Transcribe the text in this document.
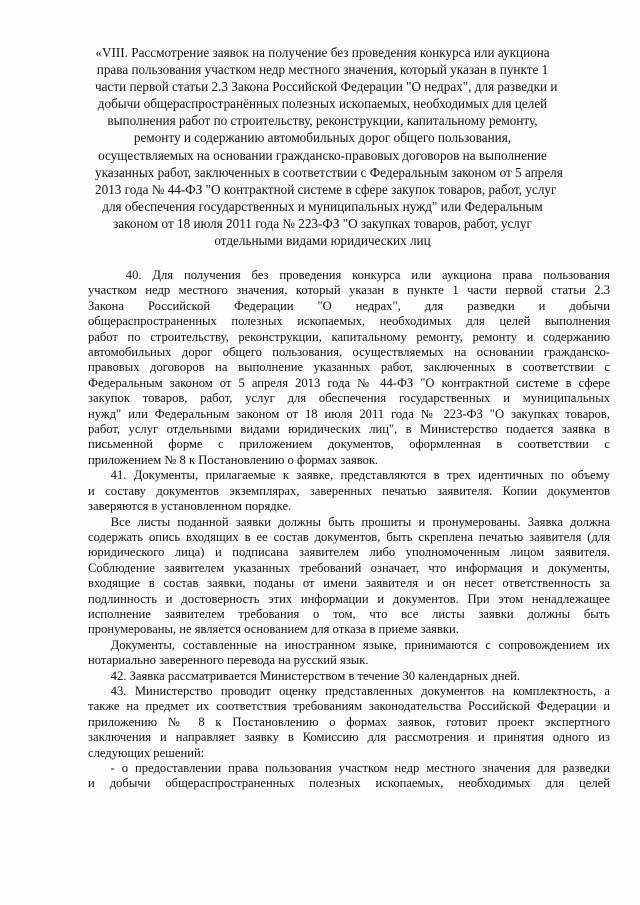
«VIII. Рассмотрение заявок на получение без проведения конкурса или аукциона
права пользования участком недр местного значения, который указан в пункте 1
части первой статьи 2.3 Закона Российской Федерации "О недрах", для разведки и
добычи общераспространённых полезных ископаемых, необходимых для целей
выполнения работ по строительству, реконструкции, капитальному ремонту,
ремонту и содержанию автомобильных дорог общего пользования,
осуществляемых на основании гражданско-правовых договоров на выполнение
указанных работ, заключенных в соответствии с Федеральным законом от 5 апреля
2013 года № 44-ФЗ "О контрактной системе в сфере закупок товаров, работ, услуг
для обеспечения государственных и муниципальных нужд" или Федеральным
законом от 18 июля 2011 года № 223-ФЗ "О закупках товаров, работ, услуг
отдельными видами юридических лиц
40. Для получения без проведения конкурса или аукциона права пользования
участком недр местного значения, который указан в пункте 1 части первой статьи 2.3
Закона Российской Федерации "О недрах", для разведки и добычи
общераспространенных полезных ископаемых, необходимых для целей выполнения
работ по строительству, реконструкции, капитальному ремонту, ремонту и содержанию
автомобильных дорог общего пользования, осуществляемых на основании гражданско-
правовых договоров на выполнение указанных работ, заключенных в соответствии с
Федеральным законом от 5 апреля 2013 года № 44-ФЗ "О контрактной системе в сфере
закупок товаров, работ, услуг для обеспечения государственных и муниципальных
нужд" или Федеральным законом от 18 июля 2011 года № 223-ФЗ "О закупках товаров,
работ, услуг отдельными видами юридических лиц", в Министерство подается заявка в
письменной форме с приложением документов, оформленная в соответствии с
приложением № 8 к Постановлению о формах заявок.
41. Документы, прилагаемые к заявке, представляются в трех идентичных по объему
и составу документов экземплярах, заверенных печатью заявителя. Копии документов
заверяются в установленном порядке.
Все листы поданной заявки должны быть прошиты и пронумерованы. Заявка должна
содержать опись входящих в ее состав документов, быть скреплена печатью заявителя (для
юридического лица) и подписана заявителем либо уполномоченным лицом заявителя.
Соблюдение заявителем указанных требований означает, что информация и документы,
входящие в состав заявки, поданы от имени заявителя и он несет ответственность за
подлинность и достоверность этих информации и документов. При этом ненадлежащее
исполнение заявителем требования о том, что все листы заявки должны быть
пронумерованы, не является основанием для отказа в приеме заявки.
Документы, составленные на иностранном языке, принимаются с сопровождением их
нотариально заверенного перевода на русский язык.
42. Заявка рассматривается Министерством в течение 30 календарных дней.
43. Министерство проводит оценку представленных документов на комплектность, а
также на предмет их соответствия требованиям законодательства Российской Федерации и
приложению № 8 к Постановлению о формах заявок, готовит проект экспертного
заключения и направляет заявку в Комиссию для рассмотрения и принятия одного из
следующих решений:
- о предоставлении права пользования участком недр местного значения для разведки
и добычи общераспространенных полезных ископаемых, необходимых для целей
